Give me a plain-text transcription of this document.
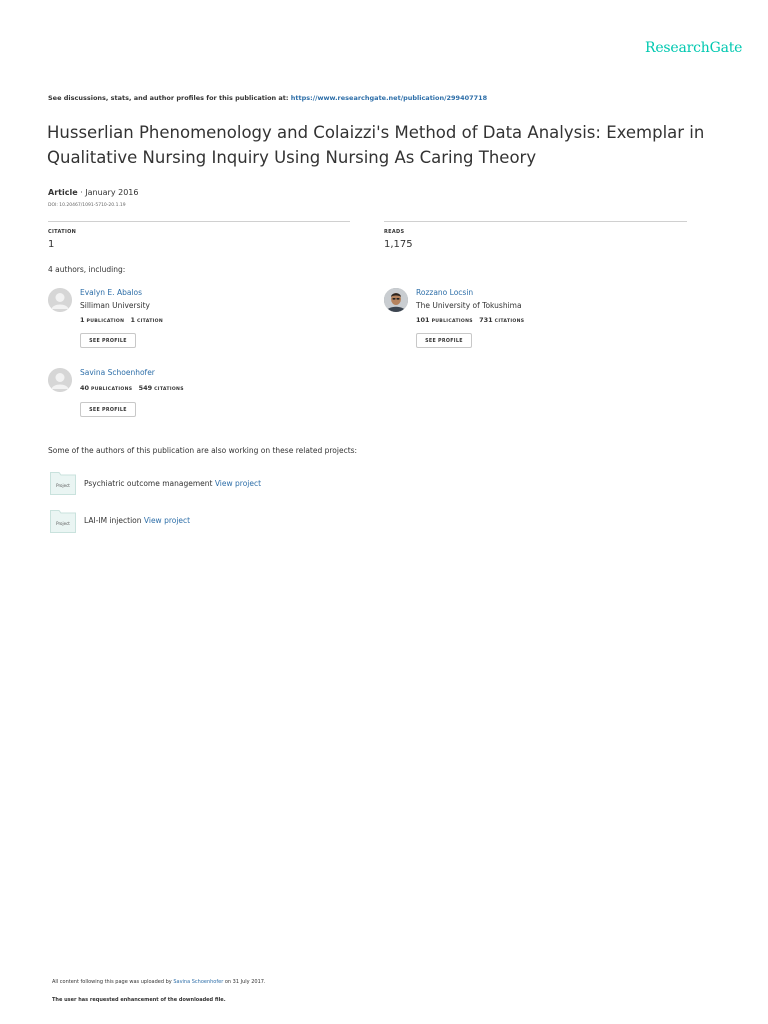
ResearchGate
See discussions, stats, and author profiles for this publication at: https://www.researchgate.net/publication/299407718
Husserlian Phenomenology and Colaizzi's Method of Data Analysis: Exemplar in Qualitative Nursing Inquiry Using Nursing As Caring Theory
Article · January 2016
DOI: 10.20467/1091-5710-20.1.19
CITATION
1
READS
1,175
4 authors, including:
Evalyn E. Abalos
Silliman University
1 PUBLICATION 1 CITATION
SEE PROFILE
Rozzano Locsin
The University of Tokushima
101 PUBLICATIONS 731 CITATIONS
SEE PROFILE
Savina Schoenhofer
40 PUBLICATIONS 549 CITATIONS
SEE PROFILE
Some of the authors of this publication are also working on these related projects:
Project	Psychiatric outcome management View project
Project	LAI-IM injection View project
All content following this page was uploaded by Savina Schoenhofer on 31 July 2017.
The user has requested enhancement of the downloaded file.
